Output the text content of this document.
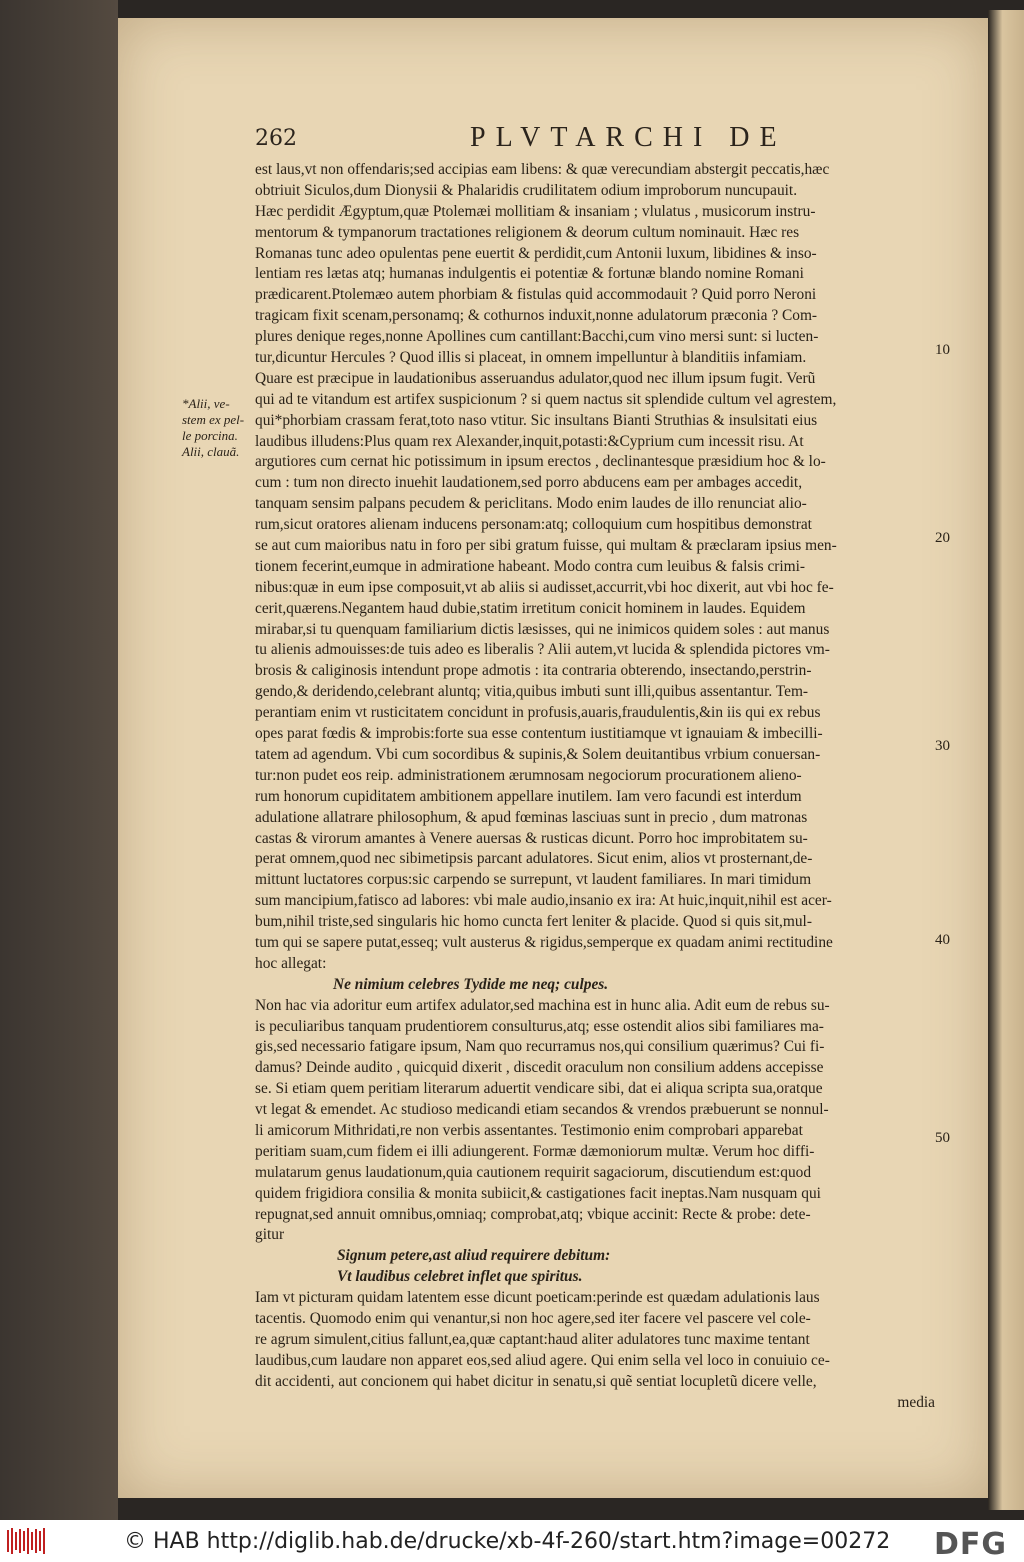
262	PLVTARCHI DE
*Alii, ve-
stem ex pel-
le porcina.
Alii, clauã.
est laus,vt non offendaris;sed accipias eam libens: & quæ verecundiam abstergit peccatis,hæc
obtriuit Siculos,dum Dionysii & Phalaridis crudilitatem odium improborum nuncupauit.
Hæc perdidit Ægyptum,quæ Ptolemæi mollitiam & insaniam ; vlulatus , musicorum instru-
mentorum & tympanorum tractationes religionem & deorum cultum nominauit. Hæc res
Romanas tunc adeo opulentas pene euertit & perdidit,cum Antonii luxum, libidines & inso-
lentiam res lætas atq; humanas indulgentis ei potentiæ & fortunæ blando nomine Romani
prædicarent.Ptolemæo autem phorbiam & fistulas quid accommodauit ? Quid porro Neroni
tragicam fixit scenam,personamq; & cothurnos induxit,nonne adulatorum præconia ? Com-
plures denique reges,nonne Apollines cum cantillant:Bacchi,cum vino mersi sunt: si lucten-
tur,dicuntur Hercules ? Quod illis si placeat, in omnem impelluntur à blanditiis infamiam.
Quare est præcipue in laudationibus asseruandus adulator,quod nec illum ipsum fugit. Verũ
qui ad te vitandum est artifex suspicionum ? si quem nactus sit splendide cultum vel agrestem,
qui*phorbiam crassam ferat,toto naso vtitur. Sic insultans Bianti Struthias & insulsitati eius
laudibus illudens:Plus quam rex Alexander,inquit,potasti:&Cyprium cum incessit risu. At
argutiores cum cernat hic potissimum in ipsum erectos , declinantesque præsidium hoc & lo-
cum : tum non directo inuehit laudationem,sed porro abducens eam per ambages accedit,
tanquam sensim palpans pecudem & periclitans. Modo enim laudes de illo renunciat alio-
rum,sicut oratores alienam inducens personam:atq; colloquium cum hospitibus demonstrat
se aut cum maioribus natu in foro per sibi gratum fuisse, qui multam & præclaram ipsius men-
tionem fecerint,eumque in admiratione habeant. Modo contra cum leuibus & falsis crimi-
nibus:quæ in eum ipse composuit,vt ab aliis si audisset,accurrit,vbi hoc dixerit, aut vbi hoc fe-
cerit,quærens.Negantem haud dubie,statim irretitum conicit hominem in laudes. Equidem
mirabar,si tu quenquam familiarium dictis læsisses, qui ne inimicos quidem soles : aut manus
tu alienis admouisses:de tuis adeo es liberalis ? Alii autem,vt lucida & splendida pictores vm-
brosis & caliginosis intendunt prope admotis : ita contraria obterendo, insectando,perstrin-
gendo,& deridendo,celebrant aluntq; vitia,quibus imbuti sunt illi,quibus assentantur. Tem-
perantiam enim vt rusticitatem concidunt in profusis,auaris,fraudulentis,&in iis qui ex rebus
opes parat fœdis & improbis:forte sua esse contentum iustitiamque vt ignauiam & imbecilli-
tatem ad agendum. Vbi cum socordibus & supinis,& Solem deuitantibus vrbium conuersan-
tur:non pudet eos reip. administrationem ærumnosam negociorum procurationem alieno-
rum honorum cupiditatem ambitionem appellare inutilem. Iam vero facundi est interdum
adulatione allatrare philosophum, & apud fœminas lasciuas sunt in precio , dum matronas
castas & virorum amantes à Venere auersas & rusticas dicunt. Porro hoc improbitatem su-
perat omnem,quod nec sibimetipsis parcant adulatores. Sicut enim, alios vt prosternant,de-
mittunt luctatores corpus:sic carpendo se surrepunt, vt laudent familiares. In mari timidum
sum mancipium,fatisco ad labores: vbi male audio,insanio ex ira: At huic,inquit,nihil est acer-
bum,nihil triste,sed singularis hic homo cuncta fert leniter & placide. Quod si quis sit,mul-
tum qui se sapere putat,esseq; vult austerus & rigidus,semperque ex quadam animi rectitudine
hoc allegat:
Ne nimium celebres Tydide me neq; culpes.
Non hac via adoritur eum artifex adulator,sed machina est in hunc alia. Adit eum de rebus su-
is peculiaribus tanquam prudentiorem consulturus,atq; esse ostendit alios sibi familiares ma-
gis,sed necessario fatigare ipsum, Nam quo recurramus nos,qui consilium quærimus? Cui fi-
damus? Deinde audito , quicquid dixerit , discedit oraculum non consilium addens accepisse
se. Si etiam quem peritiam literarum aduertit vendicare sibi, dat ei aliqua scripta sua,oratque
vt legat & emendet. Ac studioso medicandi etiam secandos & vrendos præbuerunt se nonnul-
li amicorum Mithridati,re non verbis assentantes. Testimonio enim comprobari apparebat
peritiam suam,cum fidem ei illi adiungerent. Formæ dæmoniorum multæ. Verum hoc diffi-
mulatarum genus laudationum,quia cautionem requirit sagaciorum, discutiendum est:quod
quidem frigidiora consilia & monita subiicit,& castigationes facit ineptas.Nam nusquam qui
repugnat,sed annuit omnibus,omniaq; comprobat,atq; vbique accinit: Recte & probe: dete-
gitur
Signum petere,ast aliud requirere debitum:
Vt laudibus celebret inflet que spiritus.
Iam vt picturam quidam latentem esse dicunt poeticam:perinde est quædam adulationis laus
tacentis. Quomodo enim qui venantur,si non hoc agere,sed iter facere vel pascere vel cole-
re agrum simulent,citius fallunt,ea,quæ captant:haud aliter adulatores tunc maxime tentant
laudibus,cum laudare non apparet eos,sed aliud agere. Qui enim sella vel loco in conuiuio ce-
dit accidenti, aut concionem qui habet dicitur in senatu,si quẽ sentiat locupletũ dicere velle,
media
10
20
30
40
50
© HAB http://diglib.hab.de/drucke/xb-4f-260/start.htm?image=00272 DFG
